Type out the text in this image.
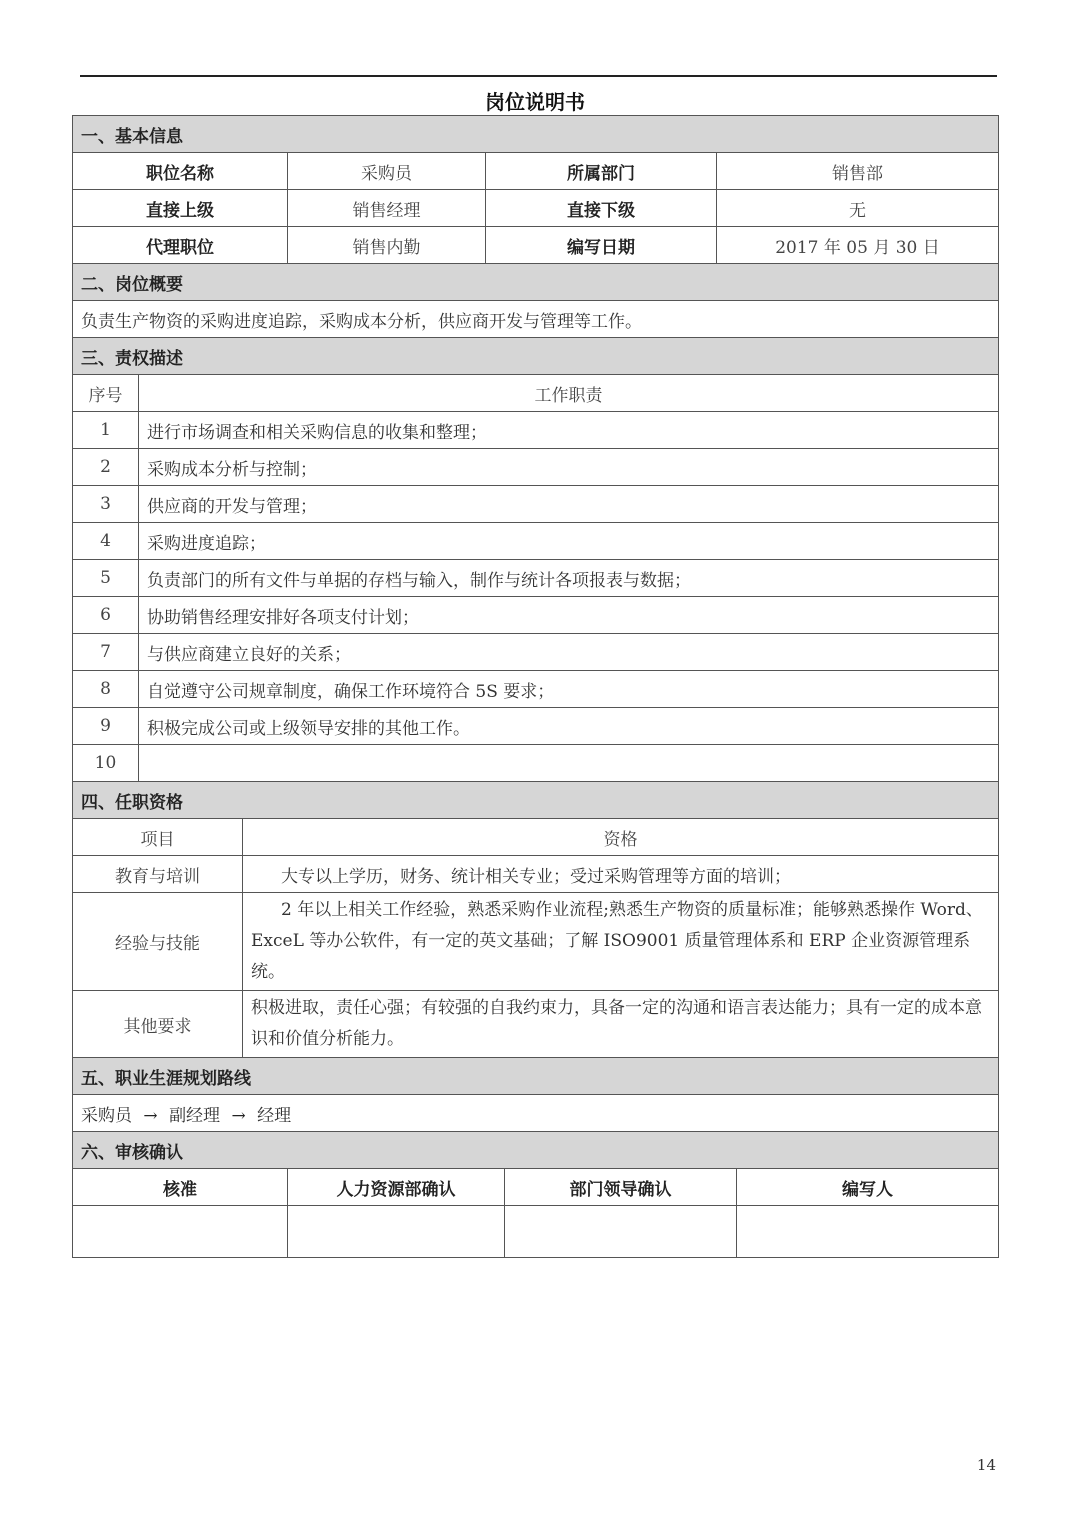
岗位说明书
一、基本信息							
职位名称			采购员	所属部门		销售部	
直接上级			销售经理	直接下级		无	
代理职位			销售内勤	编写日期		2017 年 05 月 30 日	
二、岗位概要							
负责生产物资的采购进度追踪，采购成本分析，供应商开发与管理等工作。							
三、责权描述							
序号	工作职责						
1	进行市场调查和相关采购信息的收集和整理；						
2	采购成本分析与控制；						
3	供应商的开发与管理；						
4	采购进度追踪；						
5	负责部门的所有文件与单据的存档与输入，制作与统计各项报表与数据；						
6	协助销售经理安排好各项支付计划；						
7	与供应商建立良好的关系；						
8	自觉遵守公司规章制度，确保工作环境符合 5S 要求；						
9	积极完成公司或上级领导安排的其他工作。						
10							
四、任职资格							
项目		资格					
教育与培训		大专以上学历，财务、统计相关专业；受过采购管理等方面的培训；					
经验与技能		2 年以上相关工作经验，熟悉采购作业流程;熟悉生产物资的质量标准；能够熟悉操作 Word、ExceL 等办公软件，有一定的英文基础；了解 ISO9001 质量管理体系和 ERP 企业资源管理系统。					
其他要求		积极进取，责任心强；有较强的自我约束力，具备一定的沟通和语言表达能力；具有一定的成本意识和价值分析能力。					
五、职业生涯规划路线							
采购员 → 副经理 → 经理							
六、审核确认							
核准			人力资源部确认		部门领导确认		编写人

14
